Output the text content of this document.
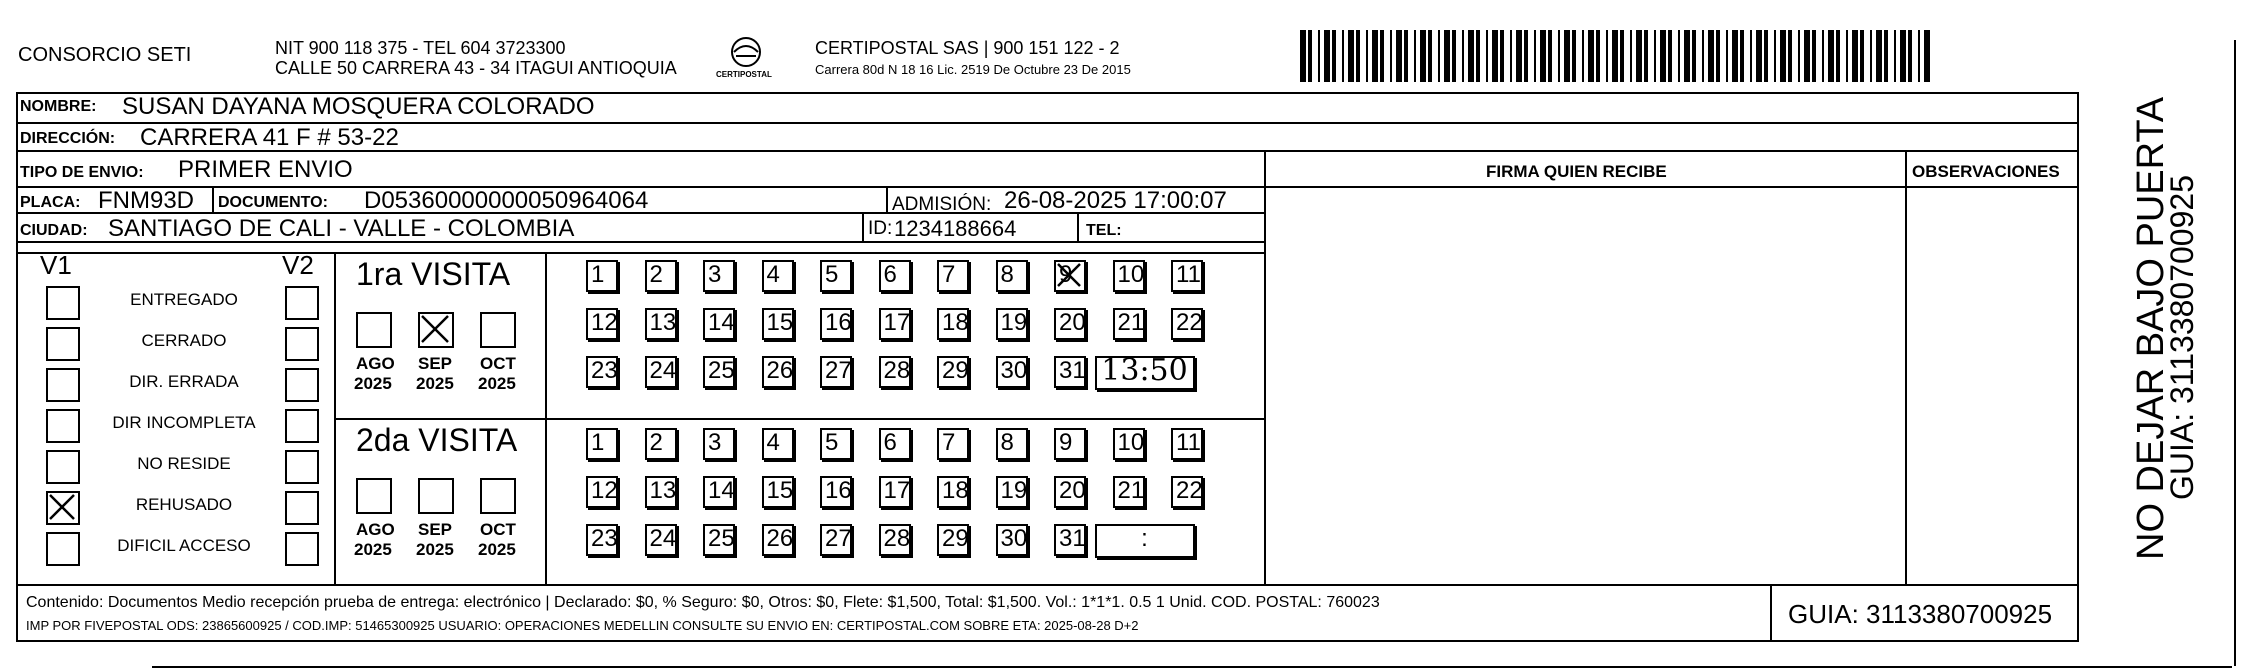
CONSORCIO SETI	NIT 900 118 375 - TEL 604 3723300
CALLE 50 CARRERA 43 - 34 ITAGUI ANTIOQUIA	CERTIPOSTAL
CERTIPOSTAL SAS | 900 151 122 - 2
Carrera 80d N 18 16 Lic. 2519 De Octubre 23 De 2015
FIRMA QUIEN RECIBE	OBSERVACIONES
NOMBRE: SUSAN DAYANA MOSQUERA COLORADO
DIRECCIÓN: CARRERA 41 F # 53-22
TIPO DE ENVIO: PRIMER ENVIO
PLACA: FNM93D DOCUMENTO: D05360000000050964064	ADMISIÓN: 26-08-2025 17:00:07
CIUDAD: SANTIAGO DE CALI - VALLE - COLOMBIA	ID: 1234188664	TEL:
V1	V2
ENTREGADO
CERRADO
DIR. ERRADA
DIR INCOMPLETA
NO RESIDE
REHUSADO
DIFICIL ACCESO
1ra VISITA
2da VISITA
AGO
2025
SEP
2025
OCT
2025
1	2	3	4	5	6	7	8	9	10 11
12 13 14 15 16 17 18 19 20 21 22
23 24 25 26 27 28 29 30 31 13:50
AGO
2025
SEP
2025
OCT
2025
1	2	3	4	5	6	7	8	9	10 11
12 13 14 15 16 17 18 19 20 21 22
23 24 25 26 27 28 29 30 31	:
Contenido: Documentos Medio recepción prueba de entrega: electrónico | Declarado: $0, % Seguro: $0, Otros: $0, Flete: $1,500, Total: $1,500. Vol.: 1*1*1. 0.5 1 Unid. COD. POSTAL: 760023
IMP POR FIVEPOSTAL ODS: 23865600925 / COD.IMP: 51465300925 USUARIO: OPERACIONES MEDELLIN CONSULTE SU ENVIO EN: CERTIPOSTAL.COM SOBRE ETA: 2025-08-28 D+2	GUIA: 3113380700925
NO DEJAR BAJO PUERTA
GUIA: 3113380700925
